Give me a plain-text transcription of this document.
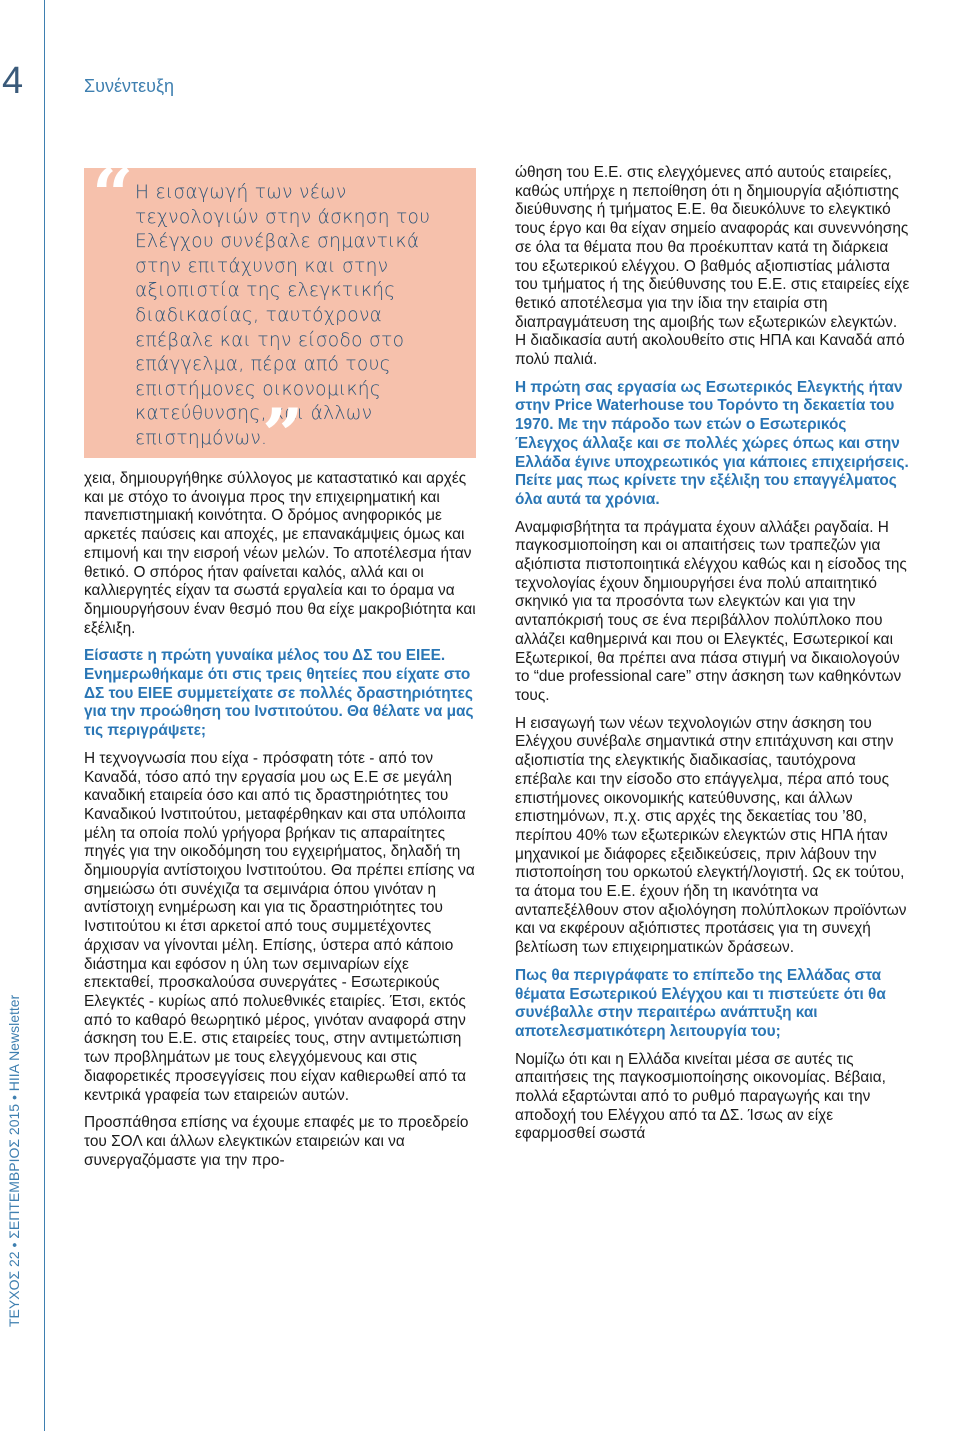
4	Συνέντευξη
ΤΕΥΧΟΣ 22 • ΣΕΠΤΕΜΒΡΙΟΣ 2015 • HIIA Newsletter
“ Η εισαγωγή των νέων τεχνολογιών στην άσκηση του Ελέγχου συνέβαλε σημαντικά στην επιτάχυνση και στην αξιοπιστία της ελεγκτικής διαδικασίας, ταυτόχρονα επέβαλε και την είσοδο στο επάγγελμα, πέρα από τους επιστήμονες οικονομικής κατεύθυνσης, και άλλων επιστημόνων.
”

χεια, δημιουργήθηκε σύλλογος με καταστατικό και αρχές και με στόχο το άνοιγμα προς την επιχειρηματική και πανεπιστημιακή κοινότητα. Ο δρόμος ανηφορικός με αρκετές παύσεις και αποχές, με επανακάμψεις όμως και επιμονή και την εισροή νέων μελών. Το αποτέλεσμα ήταν θετικό. Ο σπόρος ήταν φαίνεται καλός, αλλά και οι καλλιεργητές είχαν τα σωστά εργαλεία και το όραμα να δημιουργήσουν έναν θεσμό που θα είχε μακροβιότητα και εξέλιξη.

Είσαστε η πρώτη γυναίκα μέλος του ΔΣ του ΕΙΕΕ. Ενημερωθήκαμε ότι στις τρεις θητείες που είχατε στο ΔΣ του ΕΙΕΕ συμμετείχατε σε πολλές δραστηριότητες για την προώθηση του Ινστιτούτου. Θα θέλατε να μας τις περιγράψετε;

Η τεχνογνωσία που είχα - πρόσφατη τότε - από τον Καναδά, τόσο από την εργασία μου ως Ε.Ε σε μεγάλη καναδική εταιρεία όσο και από τις δραστηριότητες του Καναδικού Ινστιτούτου, μεταφέρθηκαν και στα υπόλοιπα μέλη τα οποία πολύ γρήγορα βρήκαν τις απαραίτητες πηγές για την οικοδόμηση του εγχειρήματος, δηλαδή τη δημιουργία αντίστοιχου Ινστιτούτου. Θα πρέπει επίσης να σημειώσω ότι συνέχιζα τα σεμινάρια όπου γινόταν η αντίστοιχη ενημέρωση και για τις δραστηριότητες του Ινστιτούτου κι έτσι αρκετοί από τους συμμετέχοντες άρχισαν να γίνονται μέλη. Επίσης, ύστερα από κάποιο διάστημα και εφόσον η ύλη των σεμιναρίων είχε επεκταθεί, προσκαλούσα συνεργάτες - Εσωτερικούς Ελεγκτές - κυρίως από πολυεθνικές εταιρίες. Έτσι, εκτός από το καθαρό θεωρητικό μέρος, γινόταν αναφορά στην άσκηση του Ε.Ε. στις εταιρείες τους, στην αντιμετώπιση των προβλημάτων με τους ελεγχόμενους και στις διαφορετικές προσεγγίσεις που είχαν καθιερωθεί από τα κεντρικά γραφεία των εταιρειών αυτών.

Προσπάθησα επίσης να έχουμε επαφές με το προεδρείο του ΣΟΛ και άλλων ελεγκτικών εταιρειών και να συνεργαζόμαστε για την προ-

ώθηση του Ε.Ε. στις ελεγχόμενες από αυτούς εταιρείες, καθώς υπήρχε η πεποίθηση ότι η δημιουργία αξιόπιστης διεύθυνσης ή τμήματος Ε.Ε. θα διευκόλυνε το ελεγκτικό τους έργο και θα είχαν σημείο αναφοράς και συνεννόησης σε όλα τα θέματα που θα προέκυπταν κατά τη διάρκεια του εξωτερικού ελέγχου. Ο βαθμός αξιοπιστίας μάλιστα του τμήματος ή της διεύθυνσης του Ε.Ε. στις εταιρείες είχε θετικό αποτέλεσμα για την ίδια την εταιρία στη διαπραγμάτευση της αμοιβής των εξωτερικών ελεγκτών. Η διαδικασία αυτή ακολουθείτο στις ΗΠΑ και Καναδά από πολύ παλιά.

Η πρώτη σας εργασία ως Εσωτερικός Ελεγκτής ήταν στην Price Waterhouse του Τορόντο τη δεκαετία του 1970. Με την πάροδο των ετών ο Εσωτερικός Έλεγχος άλλαξε και σε πολλές χώρες όπως και στην Ελλάδα έγινε υποχρεωτικός για κάποιες επιχειρήσεις. Πείτε μας πως κρίνετε την εξέλιξη του επαγγέλματος όλα αυτά τα χρόνια.

Αναμφισβήτητα τα πράγματα έχουν αλλάξει ραγδαία. Η παγκοσμιοποίηση και οι απαιτήσεις των τραπεζών για αξιόπιστα πιστοποιητικά ελέγχου καθώς και η είσοδος της τεχνολογίας έχουν δημιουργήσει ένα πολύ απαιτητικό σκηνικό για τα προσόντα των ελεγκτών και για την ανταπόκρισή τους σε ένα περιβάλλον πολύπλοκο που αλλάζει καθημερινά και που οι Ελεγκτές, Εσωτερικοί και Εξωτερικοί, θα πρέπει ανα πάσα στιγμή να δικαιολογούν το “due professional care” στην άσκηση των καθηκόντων τους.

Η εισαγωγή των νέων τεχνολογιών στην άσκηση του Ελέγχου συνέβαλε σημαντικά στην επιτάχυνση και στην αξιοπιστία της ελεγκτικής διαδικασίας, ταυτόχρονα επέβαλε και την είσοδο στο επάγγελμα, πέρα από τους επιστήμονες οικονομικής κατεύθυνσης, και άλλων επιστημόνων, π.χ. στις αρχές της δεκαετίας του ’80, περίπου 40% των εξωτερικών ελεγκτών στις ΗΠΑ ήταν μηχανικοί με διάφορες εξειδικεύσεις, πριν λάβουν την πιστοποίηση του ορκωτού ελεγκτή/λογιστή. Ως εκ τούτου, τα άτομα του Ε.Ε. έχουν ήδη τη ικανότητα να ανταπεξέλθουν στον αξιολόγηση πολύπλοκων προϊόντων και να εκφέρουν αξιόπιστες προτάσεις για τη συνεχή βελτίωση των επιχειρηματικών δράσεων.

Πως θα περιγράφατε το επίπεδο της Ελλάδας στα θέματα Εσωτερικού Ελέγχου και τι πιστεύετε ότι θα συνέβαλλε στην περαιτέρω ανάπτυξη και αποτελεσματικότερη λειτουργία του;

Νομίζω ότι και η Ελλάδα κινείται μέσα σε αυτές τις απαιτήσεις της παγκοσμιοποίησης οικονομίας. Βέβαια, πολλά εξαρτώνται από το ρυθμό παραγωγής και την αποδοχή του Ελέγχου από τα ΔΣ. Ίσως αν είχε εφαρμοσθεί σωστά
